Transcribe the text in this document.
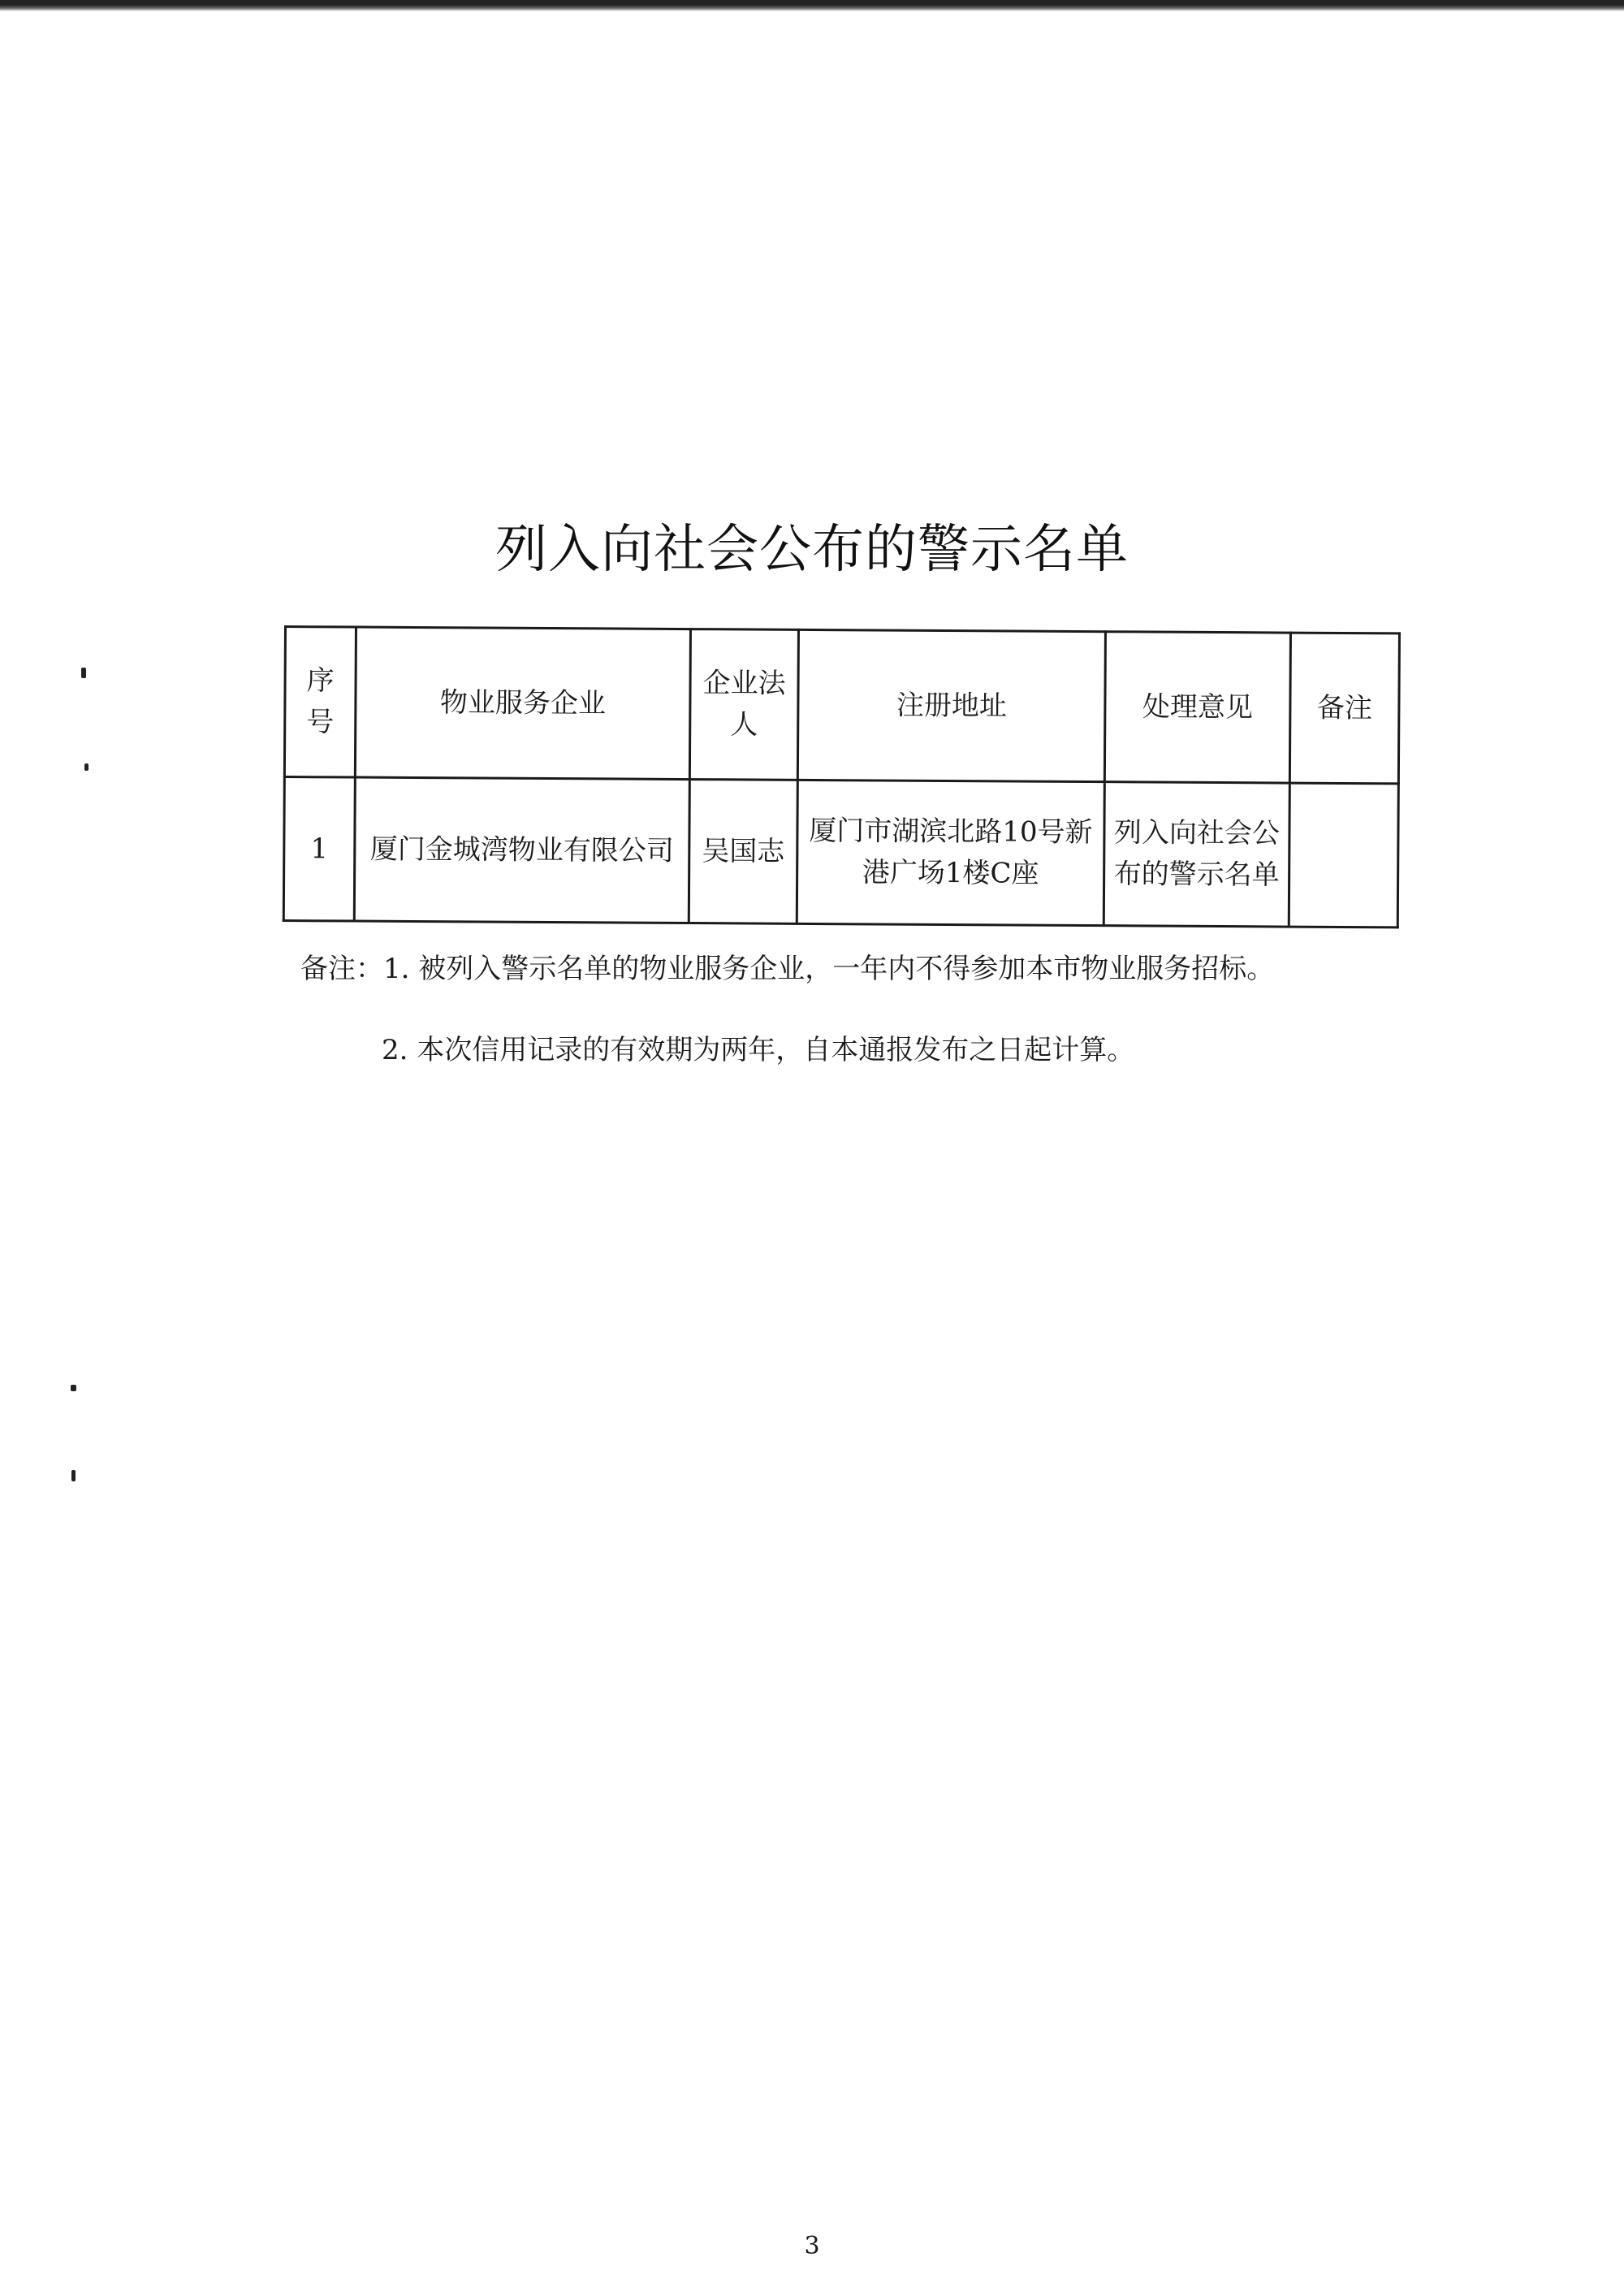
列入向社会公布的警示名单
序号	物业服务企业	企业法人	注册地址	处理意见	备注
1	厦门金城湾物业有限公司	吴国志	厦门市湖滨北路10号新港广场1楼C座	列入向社会公布的警示名单	
备注：1. 被列入警示名单的物业服务企业，一年内不得参加本市物业服务招标。
2. 本次信用记录的有效期为两年，自本通报发布之日起计算。
3
